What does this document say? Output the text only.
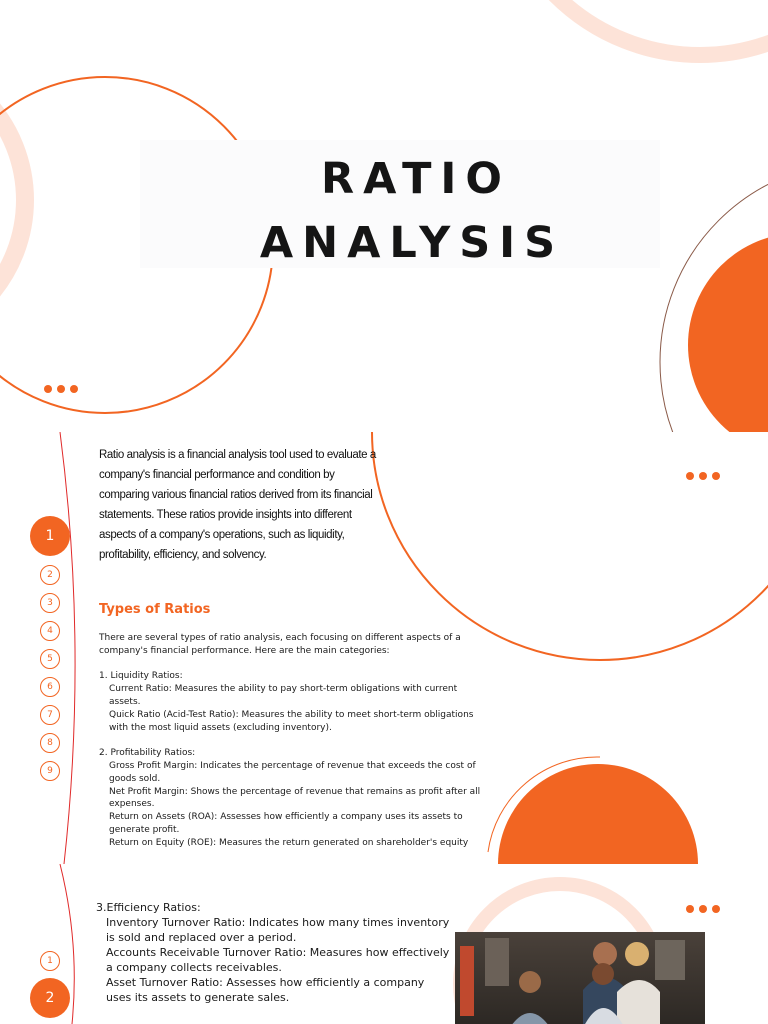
RATIO
ANALYSIS
1
2
3
4
5
6
7
8
9
Ratio analysis is a financial analysis tool used to evaluate a company's financial performance and condition by comparing various financial ratios derived from its financial statements. These ratios provide insights into different aspects of a company's operations, such as liquidity, profitability, efficiency, and solvency.
Types of Ratios

There are several types of ratio analysis, each focusing on different aspects of a company's financial performance. Here are the main categories:

1. Liquidity Ratios:

Current Ratio: Measures the ability to pay short-term obligations with current assets.

Quick Ratio (Acid-Test Ratio): Measures the ability to meet short-term obligations with the most liquid assets (excluding inventory).

2. Profitability Ratios:

Gross Profit Margin: Indicates the percentage of revenue that exceeds the cost of goods sold.

Net Profit Margin: Shows the percentage of revenue that remains as profit after all expenses.

Return on Assets (ROA): Assesses how efficiently a company uses its assets to generate profit.

Return on Equity (ROE): Measures the return generated on shareholder's equity

1
2

3.Efficiency Ratios:

Inventory Turnover Ratio: Indicates how many times inventory is sold and replaced over a period.

Accounts Receivable Turnover Ratio: Measures how effectively a company collects receivables.

Asset Turnover Ratio: Assesses how efficiently a company uses its assets to generate sales.
